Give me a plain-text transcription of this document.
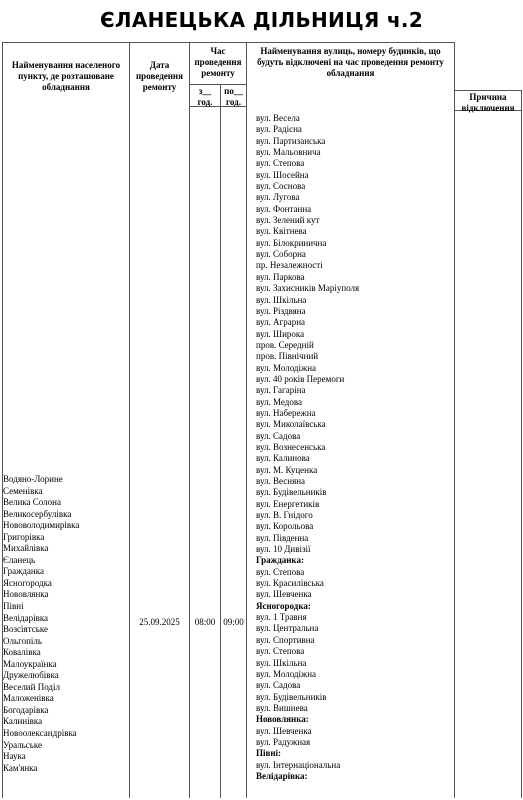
ЄЛАНЕЦЬКА ДІЛЬНИЦЯ ч.2
Найменування населеного пункту, де розташоване обладнання
Дата проведення ремонту
Час проведення ремонту
з__ год.
по__ год.
Найменування вулиць, номеру будинків, що будуть відключені на час проведення ремонту обладнання
Причина відключення
25.09.2025	08:00 09:00
Водяно-Лорине
Семенівка
Велика Солона
Великосербулівка
Нововолодимирівка
Григорівка
Михайлівка
Єланець
Гражданка
Ясногородка
Нововлянка
Півні
Велідарівка
Возсіятське
Ольгопіль
Ковалівка
Малоукраїнка
Дружелюбівка
Веселий Поділ
Маложенівка
Богодарівка
Калинівка
Новоолександрівка
Уральське
Наука
Кам'янка
вул. Весела
вул. Радісна
вул. Партизанська
вул. Мальовнича
вул. Степова
вул. Шосейна
вул. Соснова
вул. Лугова
вул. Фонтанна
вул. Зелений кут
вул. Квітнева
вул. Білокринична
вул. Соборна
пр. Незалежності
вул. Паркова
вул. Захисників Маріуполя
вул. Шкільна
вул. Різдвяна
вул. Аграрна
вул. Широка
пров. Середній
пров. Північний
вул. Молодіжна
вул. 40 років Перемоги
вул. Гагаріна
вул. Медова
вул. Набережна
вул. Миколаївська
вул. Садова
вул. Вознесенська
вул. Калинова
вул. М. Куценка
вул. Весняна
вул. Будівельників
вул. Енергетиків
вул. В. Гнідого
вул. Корольова
вул. Південна
вул. 10 Дивізії
Гражданка:
вул. Степова
вул. Красилівська
вул. Шевченка
Ясногородка:
вул. 1 Травня
вул. Центральна
вул. Спортивна
вул. Степова
вул. Шкільна
вул. Молодіжна
вул. Садова
вул. Будівельників
вул. Вишнева
Нововлянка:
вул. Шевченка
вул. Радужная
Півні:
вул. Інтернаціональна
Велідарівка:
